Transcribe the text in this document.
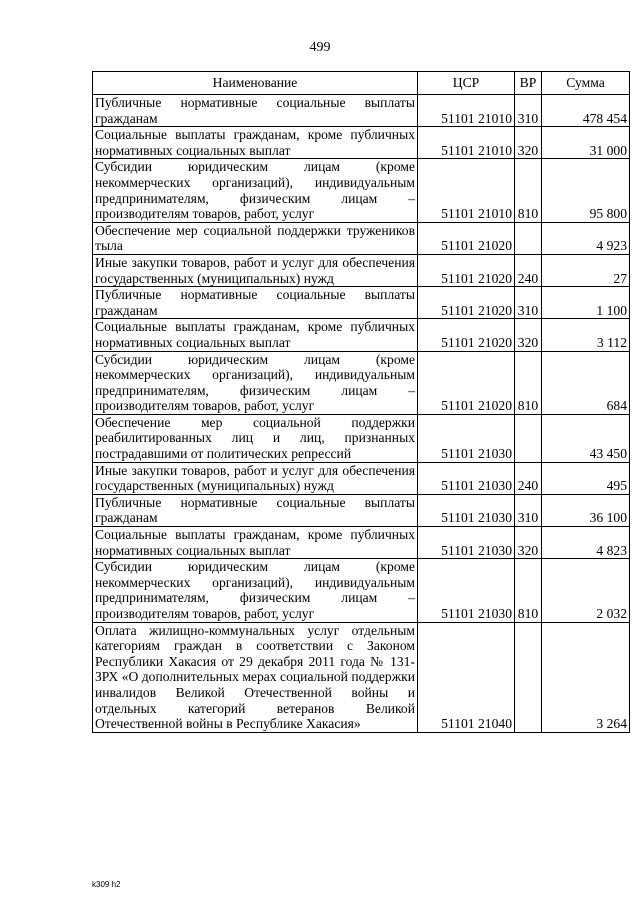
499
Наименование	ЦСР	ВР	Сумма
Публичные нормативные социальные выплаты гражданам	51101 21010	310	478 454
Социальные выплаты гражданам, кроме публичных нормативных социальных выплат	51101 21010	320	31 000
Субсидии юридическим лицам (кроме некоммерческих организаций), индивидуальным предпринимателям, физическим лицам – производителям товаров, работ, услуг	51101 21010	810	95 800
Обеспечение мер социальной поддержки тружеников тыла	51101 21020		4 923
Иные закупки товаров, работ и услуг для обеспечения государственных (муниципальных) нужд	51101 21020	240	27
Публичные нормативные социальные выплаты гражданам	51101 21020	310	1 100
Социальные выплаты гражданам, кроме публичных нормативных социальных выплат	51101 21020	320	3 112
Субсидии юридическим лицам (кроме некоммерческих организаций), индивидуальным предпринимателям, физическим лицам – производителям товаров, работ, услуг	51101 21020	810	684
Обеспечение мер социальной поддержки реабилитированных лиц и лиц, признанных пострадавшими от политических репрессий	51101 21030		43 450
Иные закупки товаров, работ и услуг для обеспечения государственных (муниципальных) нужд	51101 21030	240	495
Публичные нормативные социальные выплаты гражданам	51101 21030	310	36 100
Социальные выплаты гражданам, кроме публичных нормативных социальных выплат	51101 21030	320	4 823
Субсидии юридическим лицам (кроме некоммерческих организаций), индивидуальным предпринимателям, физическим лицам – производителям товаров, работ, услуг	51101 21030	810	2 032
Оплата жилищно-коммунальных услуг отдельным категориям граждан в соответствии с Законом Республики Хакасия от 29 декабря 2011 года № 131-ЗРХ «О дополнительных мерах социальной поддержки инвалидов Великой Отечественной войны и отдельных категорий ветеранов Великой Отечественной войны в Республике Хакасия»	51101 21040		3 264
k309 h2
